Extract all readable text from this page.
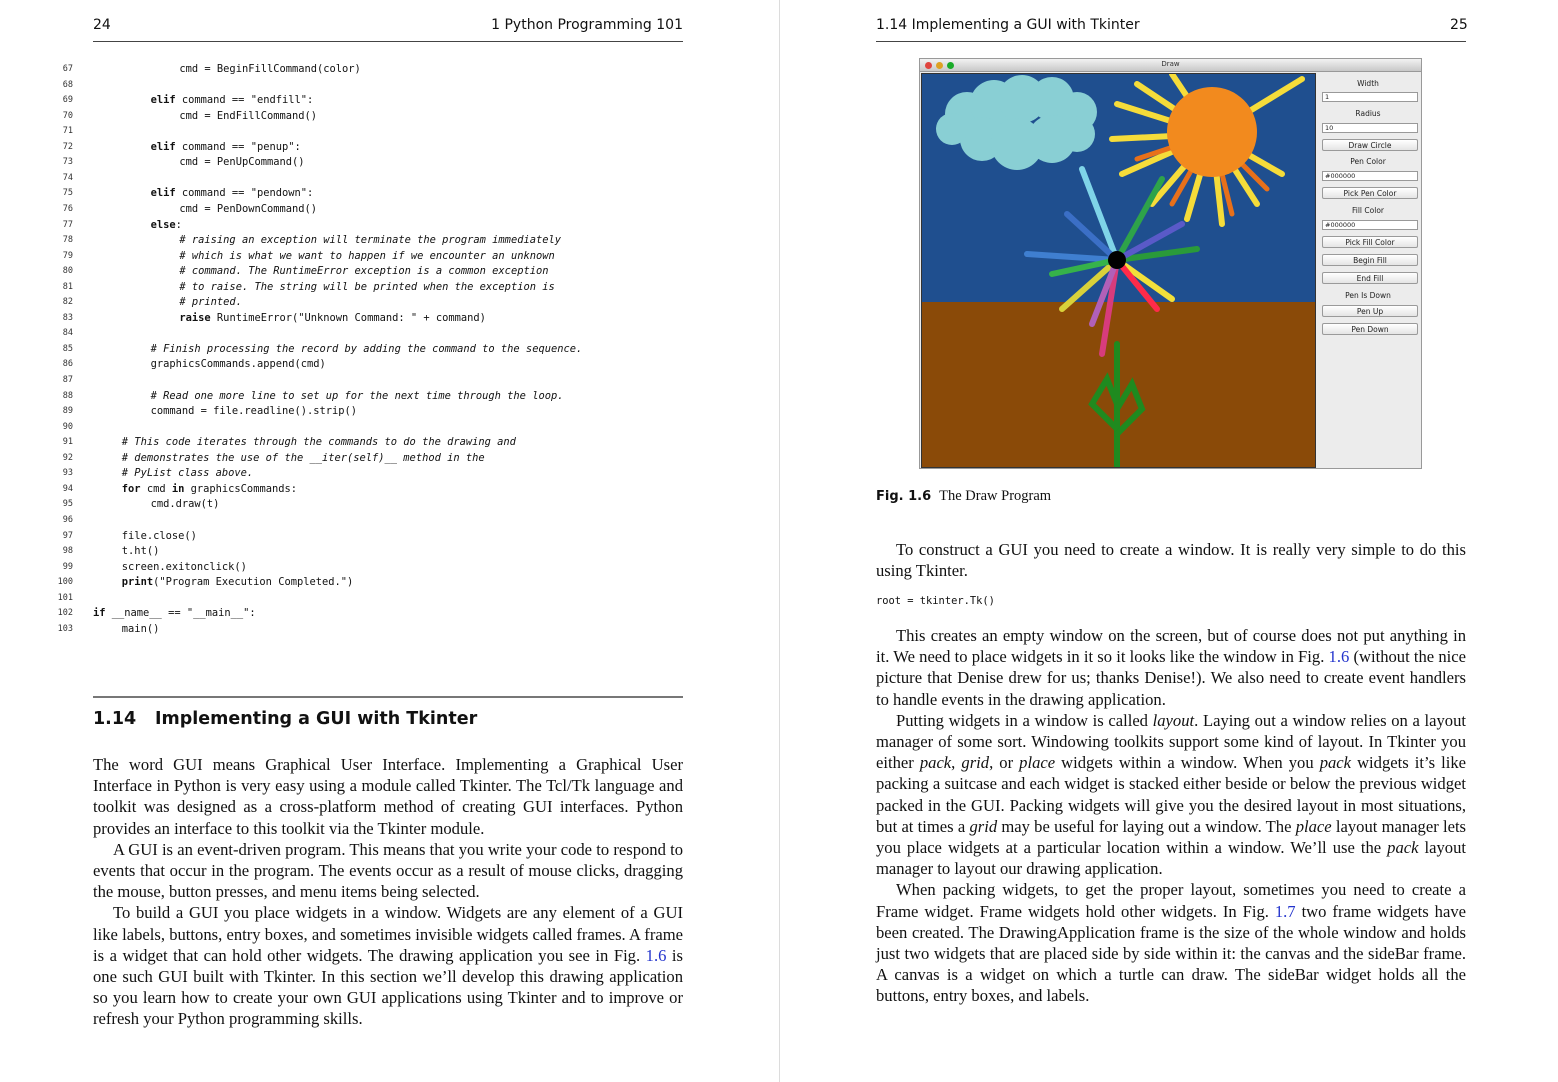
24	1 Python Programming 101
67	cmd = BeginFillCommand(color)
68
69	elif command == "endfill":
70	cmd = EndFillCommand()
71
72	elif command == "penup":
73	cmd = PenUpCommand()
74
75	elif command == "pendown":
76	cmd = PenDownCommand()
77	else:
78	# raising an exception will terminate the program immediately
79	# which is what we want to happen if we encounter an unknown
80	# command. The RuntimeError exception is a common exception
81	# to raise. The string will be printed when the exception is
82	# printed.
83	raise RuntimeError("Unknown Command: " + command)
84
85	# Finish processing the record by adding the command to the sequence.
86	graphicsCommands.append(cmd)
87
88	# Read one more line to set up for the next time through the loop.
89	command = file.readline().strip()
90
91	# This code iterates through the commands to do the drawing and
92	# demonstrates the use of the __iter(self)__ method in the
93	# PyList class above.
94	for cmd in graphicsCommands:
95	cmd.draw(t)
96
97	file.close()
98	t.ht()
99	screen.exitonclick()
100	print("Program Execution Completed.")
101
102 if __name__ == "__main__":
103	main()
1.14 Implementing a GUI with Tkinter

The word GUI means Graphical User Interface. Implementing a Graphical User Interface in Python is very easy using a module called Tkinter. The Tcl/Tk language and toolkit was designed as a cross-platform method of creating GUI interfaces. Python provides an interface to this toolkit via the Tkinter module.

A GUI is an event-driven program. This means that you write your code to respond to events that occur in the program. The events occur as a result of mouse clicks, dragging the mouse, button presses, and menu items being selected.

To build a GUI you place widgets in a window. Widgets are any element of a GUI like labels, buttons, entry boxes, and sometimes invisible widgets called frames. A frame is a widget that can hold other widgets. The drawing application you see in Fig. 1.6 is one such GUI built with Tkinter. In this section we’ll develop this drawing application so you learn how to create your own GUI applications using Tkinter and to improve or refresh your Python programming skills.

1.14 Implementing a GUI with Tkinter	25
Draw
Width
1
Radius
10
Draw Circle
Pen Color
#000000
Pick Pen Color
Fill Color
#000000
Pick Fill Color
Begin Fill
End Fill
Pen Is Down
Pen Up
Pen Down
Fig. 1.6 The Draw Program

To construct a GUI you need to create a window. It is really very simple to do this using Tkinter.

root = tkinter.Tk()

This creates an empty window on the screen, but of course does not put anything in it. We need to place widgets in it so it looks like the window in Fig. 1.6 (without the nice picture that Denise drew for us; thanks Denise!). We also need to create event handlers to handle events in the drawing application.

Putting widgets in a window is called layout. Laying out a window relies on a layout manager of some sort. Windowing toolkits support some kind of layout. In Tkinter you either pack, grid, or place widgets within a window. When you pack widgets it’s like packing a suitcase and each widget is stacked either beside or below the previous widget packed in the GUI. Packing widgets will give you the desired layout in most situations, but at times a grid may be useful for laying out a window. The place layout manager lets you place widgets at a particular location within a window. We’ll use the pack layout manager to layout our drawing application.

When packing widgets, to get the proper layout, sometimes you need to create a Frame widget. Frame widgets hold other widgets. In Fig. 1.7 two frame widgets have been created. The DrawingApplication frame is the size of the whole window and holds just two widgets that are placed side by side within it: the canvas and the sideBar frame. A canvas is a widget on which a turtle can draw. The sideBar widget holds all the buttons, entry boxes, and labels.
